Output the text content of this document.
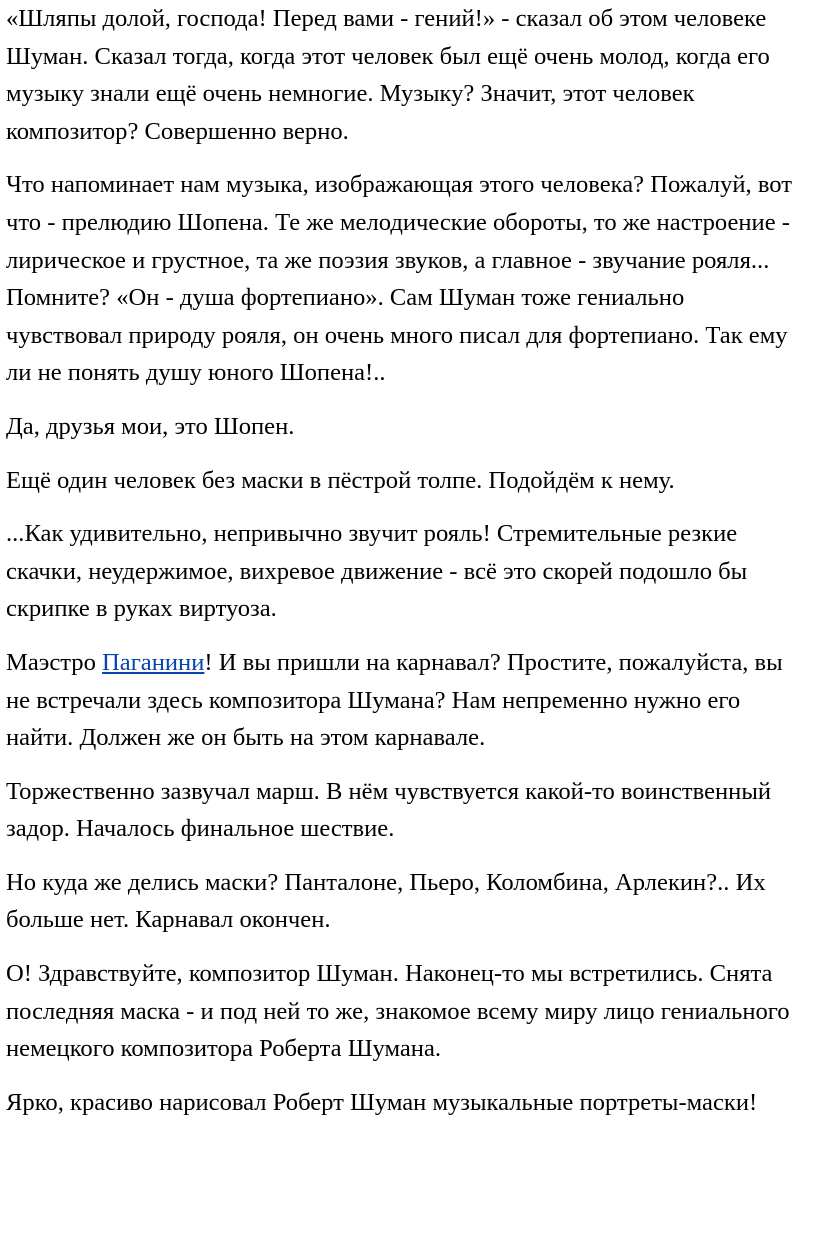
«Шляпы долой, господа! Перед вами - гений!» - сказал об этом человеке Шуман. Сказал тогда, когда этот человек был ещё очень молод, когда его музыку знали ещё очень немногие. Музыку? Значит, этот человек композитор? Совершенно верно.

Что напоминает нам музыка, изображающая этого человека? Пожалуй, вот что - прелюдию Шопена. Те же мелодические обороты, то же настроение - лирическое и грустное, та же поэзия звуков, а главное - звучание рояля... Помните? «Он - душа фортепиано». Сам Шуман тоже гениально чувствовал природу рояля, он очень много писал для фортепиано. Так ему ли не понять душу юного Шопена!..

Да, друзья мои, это Шопен.

Ещё один человек без маски в пёстрой толпе. Подойдём к нему.

...Как удивительно, непривычно звучит рояль! Стремительные резкие скачки, неудержимое, вихревое движение - всё это скорей подошло бы скрипке в руках виртуоза.

Маэстро Паганини! И вы пришли на карнавал? Простите, пожалуйста, вы не встречали здесь композитора Шумана? Нам непременно нужно его найти. Должен же он быть на этом карнавале.

Торжественно зазвучал марш. В нём чувствуется какой-то воинственный задор. Началось финальное шествие.

Но куда же делись маски? Панталоне, Пьеро, Коломбина, Арлекин?.. Их больше нет. Карнавал окончен.

О! Здравствуйте, композитор Шуман. Наконец-то мы встретились. Снята последняя маска - и под ней то же, знакомое всему миру лицо гениального немецкого композитора Роберта Шумана.

Ярко, красиво нарисовал Роберт Шуман музыкальные портреты-маски!
